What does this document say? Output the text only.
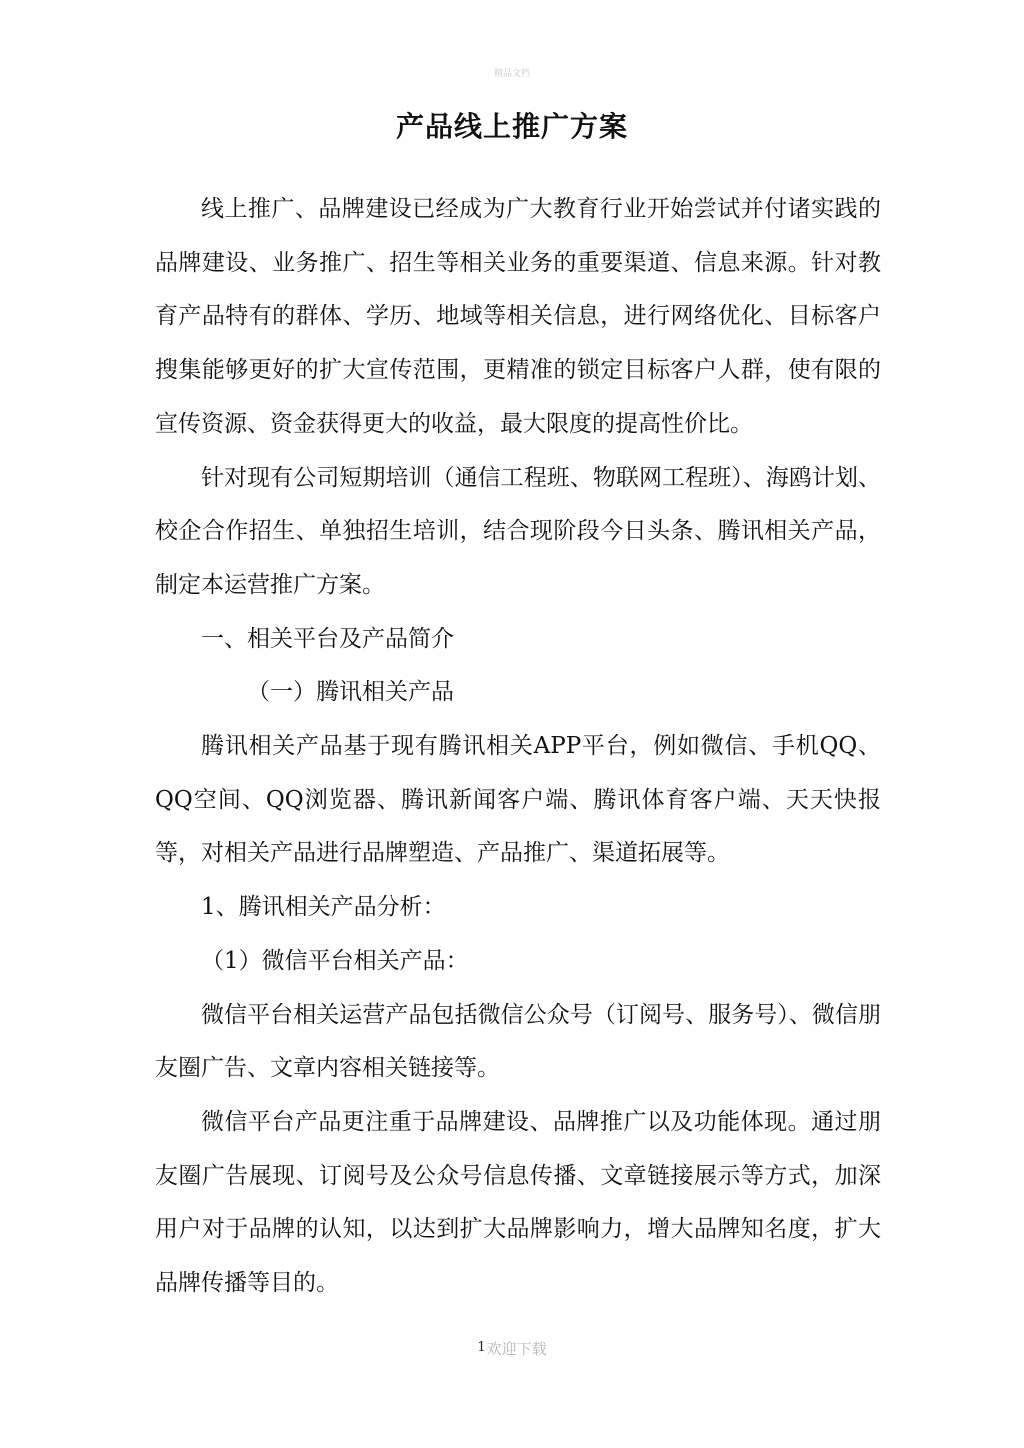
精品文档
产品线上推广方案

线上推广、品牌建设已经成为广大教育行业开始尝试并付诸实践的品牌建设、业务推广、招生等相关业务的重要渠道、信息来源。针对教育产品特有的群体、学历、地域等相关信息，进行网络优化、目标客户搜集能够更好的扩大宣传范围，更精准的锁定目标客户人群，使有限的宣传资源、资金获得更大的收益，最大限度的提高性价比。

针对现有公司短期培训（通信工程班、物联网工程班）、海鸥计划、校企合作招生、单独招生培训，结合现阶段今日头条、腾讯相关产品，制定本运营推广方案。

一、相关平台及产品简介

（一）腾讯相关产品

腾讯相关产品基于现有腾讯相关APP平台，例如微信、手机QQ、QQ空间、QQ浏览器、腾讯新闻客户端、腾讯体育客户端、天天快报等，对相关产品进行品牌塑造、产品推广、渠道拓展等。

1、腾讯相关产品分析：

（1）微信平台相关产品：

微信平台相关运营产品包括微信公众号（订阅号、服务号）、微信朋友圈广告、文章内容相关链接等。

微信平台产品更注重于品牌建设、品牌推广以及功能体现。通过朋友圈广告展现、订阅号及公众号信息传播、文章链接展示等方式，加深用户对于品牌的认知，以达到扩大品牌影响力，增大品牌知名度，扩大品牌传播等目的。

1欢迎下载
